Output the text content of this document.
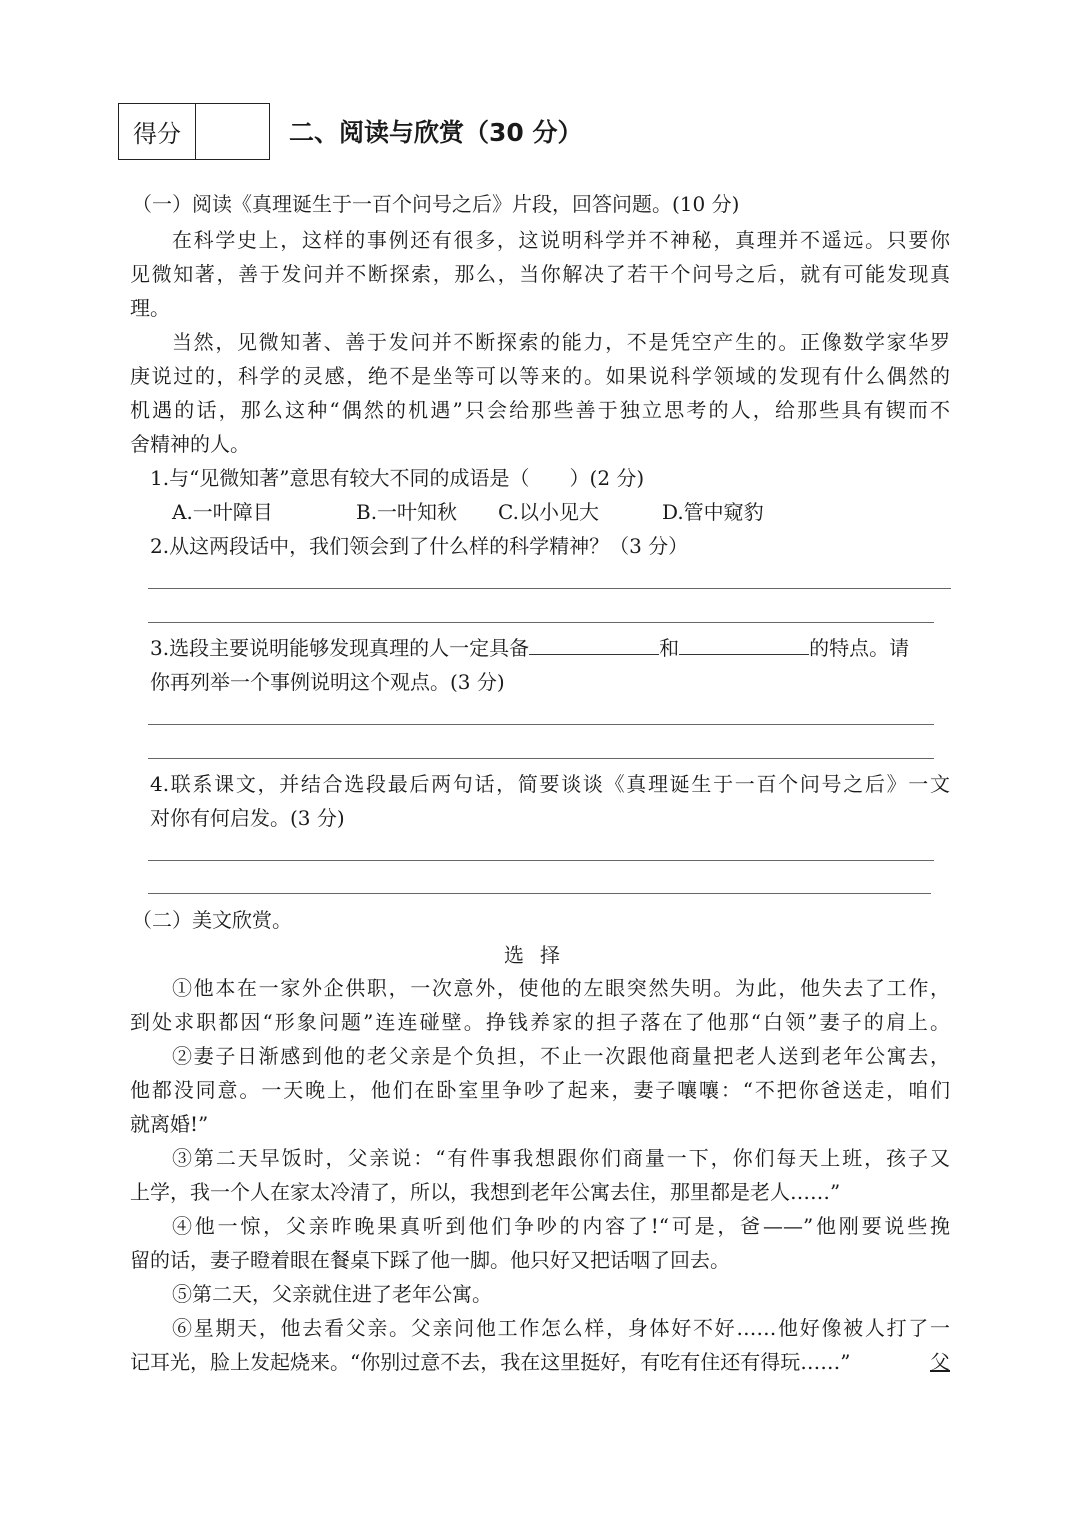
得分	二、阅读与欣赏（30 分）
（一）阅读《真理诞生于一百个问号之后》片段，回答问题。(10 分)
在科学史上，这样的事例还有很多，这说明科学并不神秘，真理并不遥远。只要你
见微知著，善于发问并不断探索，那么，当你解决了若干个问号之后，就有可能发现真
理。
当然，见微知著、善于发问并不断探索的能力，不是凭空产生的。正像数学家华罗
庚说过的，科学的灵感，绝不是坐等可以等来的。如果说科学领域的发现有什么偶然的
机遇的话，那么这种“偶然的机遇”只会给那些善于独立思考的人，给那些具有锲而不
舍精神的人。
1.与“见微知著”意思有较大不同的成语是（　　）(2 分)
A.一叶障目	B.一叶知秋 C.以小见大	D.管中窥豹
2.从这两段话中，我们领会到了什么样的科学精神？（3 分）
3.选段主要说明能够发现真理的人一定具备	和	的特点。请
你再列举一个事例说明这个观点。(3 分)
4.联系课文，并结合选段最后两句话，简要谈谈《真理诞生于一百个问号之后》一文
对你有何启发。(3 分)
（二）美文欣赏。
选择
①他本在一家外企供职，一次意外，使他的左眼突然失明。为此，他失去了工作，
到处求职都因“形象问题”连连碰壁。挣钱养家的担子落在了他那“白领”妻子的肩上。
②妻子日渐感到他的老父亲是个负担，不止一次跟他商量把老人送到老年公寓去，
他都没同意。一天晚上，他们在卧室里争吵了起来，妻子嚷嚷：“不把你爸送走，咱们
就离婚!”
③第二天早饭时，父亲说：“有件事我想跟你们商量一下，你们每天上班，孩子又
上学，我一个人在家太冷清了，所以，我想到老年公寓去住，那里都是老人……”
④他一惊，父亲昨晚果真听到他们争吵的内容了!“可是，爸——”他刚要说些挽
留的话，妻子瞪着眼在餐桌下踩了他一脚。他只好又把话咽了回去。
⑤第二天，父亲就住进了老年公寓。
⑥星期天，他去看父亲。父亲问他工作怎么样，身体好不好……他好像被人打了一
记耳光，脸上发起烧来。“你别过意不去，我在这里挺好，有吃有住还有得玩……”	父
